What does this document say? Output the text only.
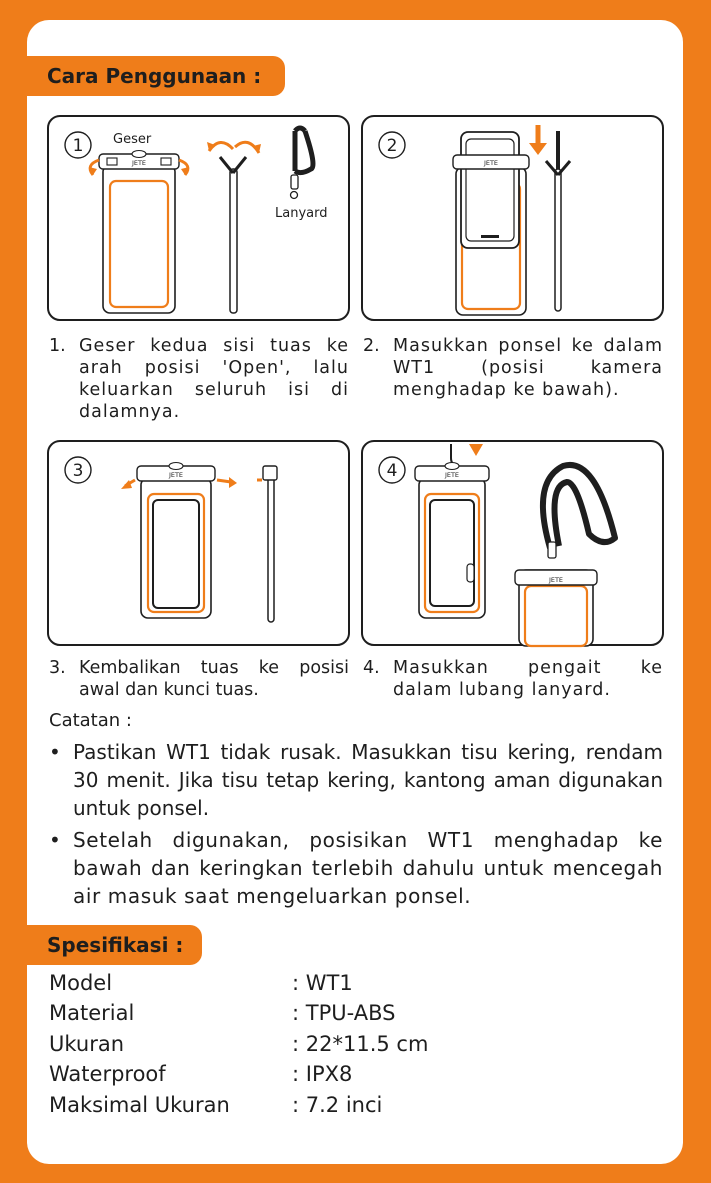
Cara Penggunaan :
1 Geser
JETE
Lanyard
2
JETE
1. Geser kedua sisi tuas ke arah posisi 'Open', lalu keluarkan seluruh isi di dalamnya.
2. Masukkan ponsel ke dalam WT1 (posisi kamera menghadap ke bawah).
3	JETE	4	JETE
JETE
3. Kembalikan tuas ke posisi awal dan kunci tuas.
4. Masukkan pengait ke dalam lubang lanyard.
Catatan :
• Pastikan WT1 tidak rusak. Masukkan tisu kering, rendam 30 menit. Jika tisu tetap kering, kantong aman digunakan untuk ponsel.
• Setelah digunakan, posisikan WT1 menghadap ke bawah dan keringkan terlebih dahulu untuk mencegah air masuk saat mengeluarkan ponsel.
Spesifikasi :
Model	: WT1
Material	: TPU-ABS
Ukuran	: 22*11.5 cm
Waterproof	: IPX8
Maksimal Ukuran	: 7.2 inci
